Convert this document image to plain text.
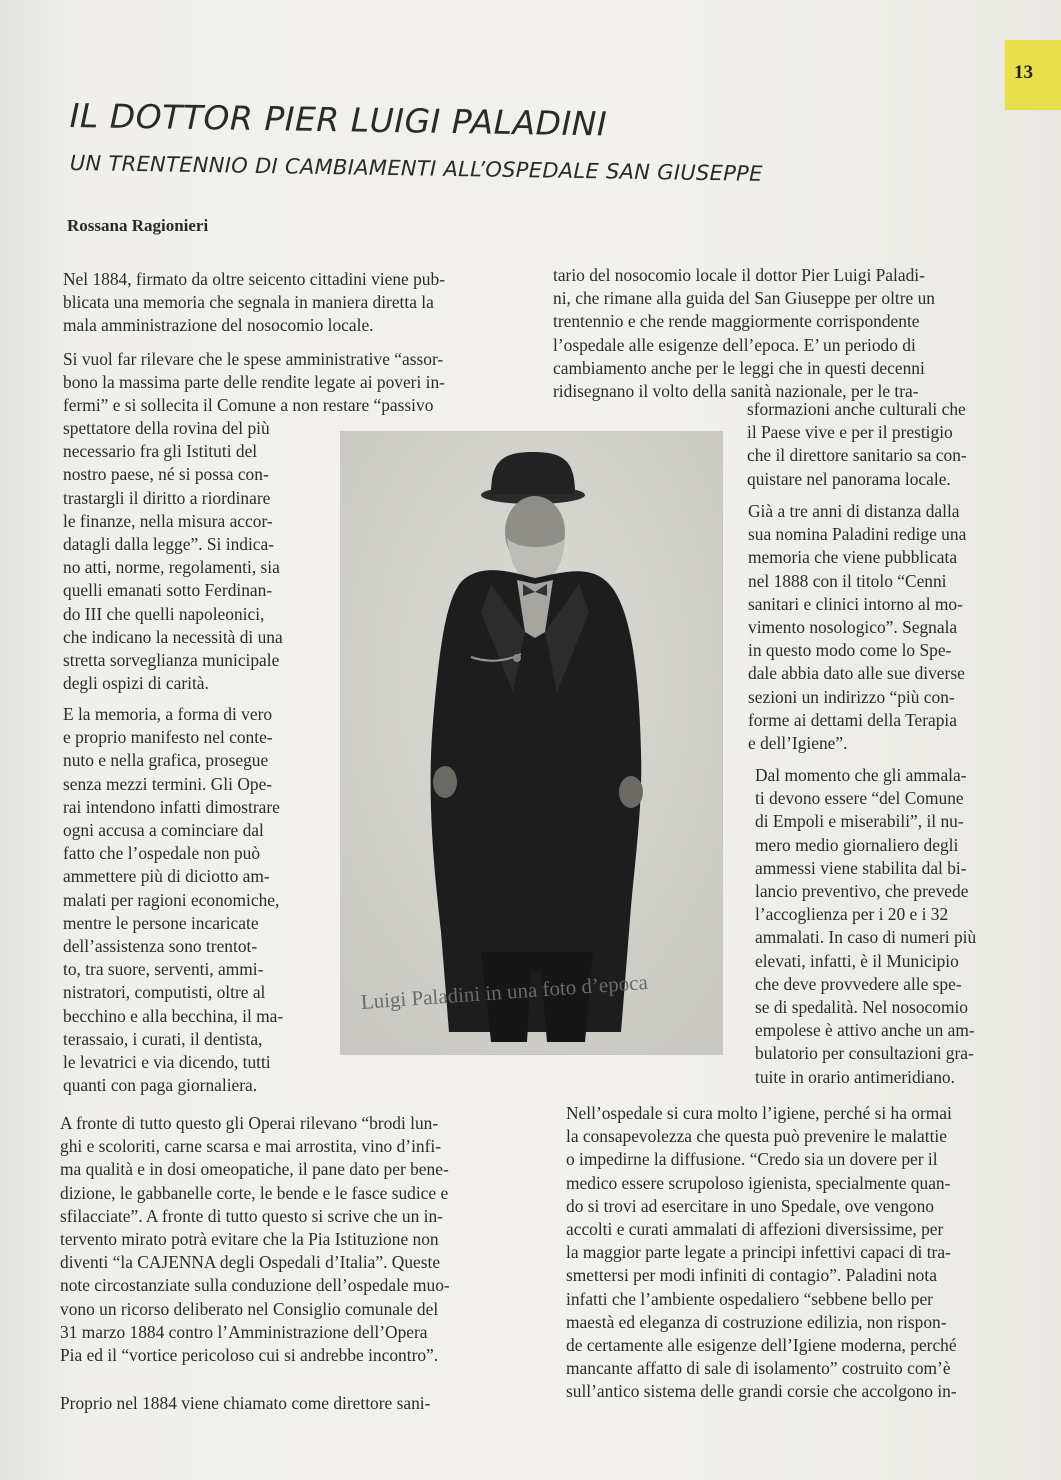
13
IL DOTTOR PIER LUIGI PALADINI
UN TRENTENNIO DI CAMBIAMENTI ALL’OSPEDALE SAN GIUSEPPE
Rossana Ragionieri

Nel 1884, firmato da oltre seicento cittadini viene pub-
blicata una memoria che segnala in maniera diretta la
mala amministrazione del nosocomio locale.

Si vuol far rilevare che le spese amministrative “assor-
bono la massima parte delle rendite legate ai poveri in-
fermi” e si sollecita il Comune a non restare “passivo

spettatore della rovina del più
necessario fra gli Istituti del
nostro paese, né si possa con-
trastargli il diritto a riordinare
le finanze, nella misura accor-
datagli dalla legge”. Si indica-
no atti, norme, regolamenti, sia
quelli emanati sotto Ferdinan-
do III che quelli napoleonici,
che indicano la necessità di una
stretta sorveglianza municipale
degli ospizi di carità.

E la memoria, a forma di vero
e proprio manifesto nel conte-
nuto e nella grafica, prosegue
senza mezzi termini. Gli Ope-
rai intendono infatti dimostrare
ogni accusa a cominciare dal
fatto che l’ospedale non può
ammettere più di diciotto am-
malati per ragioni economiche,
mentre le persone incaricate
dell’assistenza sono trentot-
to, tra suore, serventi, ammi-
nistratori, computisti, oltre al
becchino e alla becchina, il ma-
terassaio, i curati, il dentista,
le levatrici e via dicendo, tutti
quanti con paga giornaliera.

A fronte di tutto questo gli Operai rilevano “brodi lun-
ghi e scoloriti, carne scarsa e mai arrostita, vino d’infi-
ma qualità e in dosi omeopatiche, il pane dato per bene-
dizione, le gabbanelle corte, le bende e le fasce sudice e
sfilacciate”. A fronte di tutto questo si scrive che un in-
tervento mirato potrà evitare che la Pia Istituzione non
diventi “la CAJENNA degli Ospedali d’Italia”. Queste
note circostanziate sulla conduzione dell’ospedale muo-
vono un ricorso deliberato nel Consiglio comunale del
31 marzo 1884 contro l’Amministrazione dell’Opera
Pia ed il “vortice pericoloso cui si andrebbe incontro”.

Proprio nel 1884 viene chiamato come direttore sani-

tario del nosocomio locale il dottor Pier Luigi Paladi-
ni, che rimane alla guida del San Giuseppe per oltre un
trentennio e che rende maggiormente corrispondente
l’ospedale alle esigenze dell’epoca. E’ un periodo di
cambiamento anche per le leggi che in questi decenni
ridisegnano il volto della sanità nazionale, per le tra-

sformazioni anche culturali che
il Paese vive e per il prestigio
che il direttore sanitario sa con-
quistare nel panorama locale.

Già a tre anni di distanza dalla
sua nomina Paladini redige una
memoria che viene pubblicata
nel 1888 con il titolo “Cenni
sanitari e clinici intorno al mo-
vimento nosologico”. Segnala
in questo modo come lo Spe-
dale abbia dato alle sue diverse
sezioni un indirizzo “più con-
forme ai dettami della Terapia
e dell’Igiene”.

Dal momento che gli ammala-
ti devono essere “del Comune
di Empoli e miserabili”, il nu-
mero medio giornaliero degli
ammessi viene stabilita dal bi-
lancio preventivo, che prevede
l’accoglienza per i 20 e i 32
ammalati. In caso di numeri più
elevati, infatti, è il Municipio
che deve provvedere alle spe-
se di spedalità. Nel nosocomio
empolese è attivo anche un am-
bulatorio per consultazioni gra-
tuite in orario antimeridiano.

Nell’ospedale si cura molto l’igiene, perché si ha ormai
la consapevolezza che questa può prevenire le malattie
o impedirne la diffusione. “Credo sia un dovere per il
medico essere scrupoloso igienista, specialmente quan-
do si trovi ad esercitare in uno Spedale, ove vengono
accolti e curati ammalati di affezioni diversissime, per
la maggior parte legate a principi infettivi capaci di tra-
smettersi per modi infiniti di contagio”. Paladini nota
infatti che l’ambiente ospedaliero “sebbene bello per
maestà ed eleganza di costruzione edilizia, non rispon-
de certamente alle esigenze dell’Igiene moderna, perché
mancante affatto di sale di isolamento” costruito com’è
sull’antico sistema delle grandi corsie che accolgono in-

Luigi Paladini in una foto d’epoca
